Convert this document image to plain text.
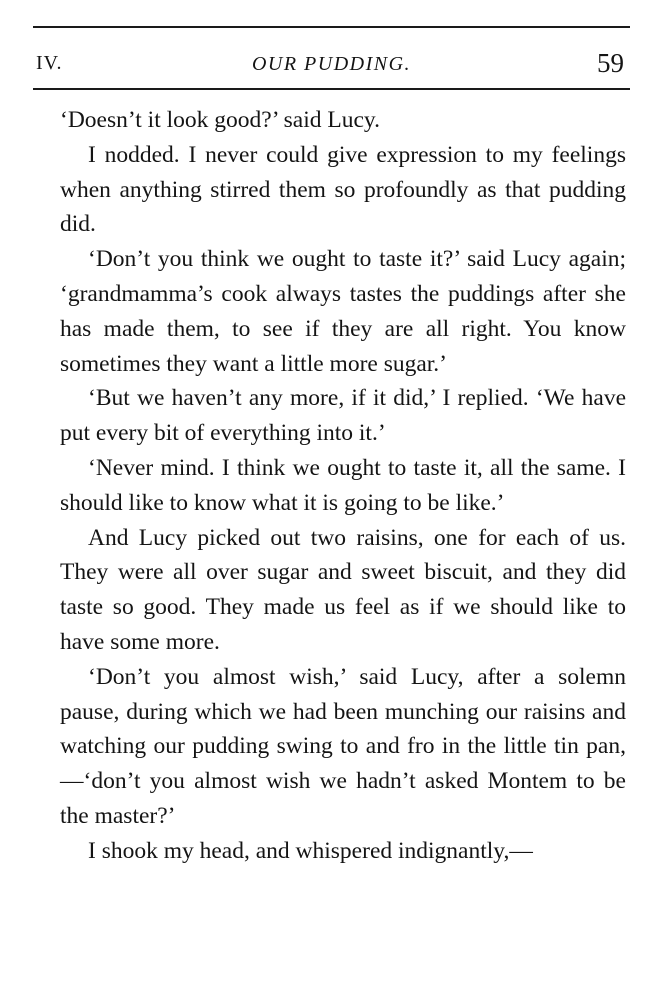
IV.	OUR PUDDING.	59

‘Doesn’t it look good?’ said Lucy.

I nodded. I never could give expression to my feelings when anything stirred them so profoundly as that pudding did.

‘Don’t you think we ought to taste it?’ said Lucy again; ‘grandmamma’s cook always tastes the puddings after she has made them, to see if they are all right. You know sometimes they want a little more sugar.’

‘But we haven’t any more, if it did,’ I replied. ‘We have put every bit of everything into it.’

‘Never mind. I think we ought to taste it, all the same. I should like to know what it is going to be like.’

And Lucy picked out two raisins, one for each of us. They were all over sugar and sweet biscuit, and they did taste so good. They made us feel as if we should like to have some more.

‘Don’t you almost wish,’ said Lucy, after a solemn pause, during which we had been munching our raisins and watching our pudding swing to and fro in the little tin pan,—‘don’t you almost wish we hadn’t asked Montem to be the master?’

I shook my head, and whispered indignantly,—
